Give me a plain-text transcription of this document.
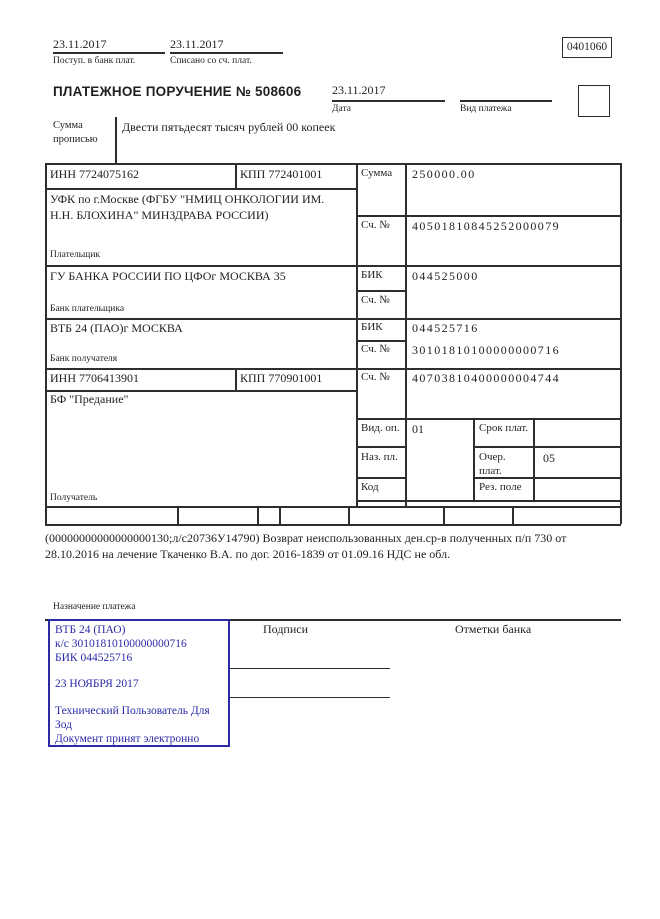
23.11.2017	23.11.2017
Поступ. в банк плат.	Списано со сч. плат.
0401060
ПЛАТЕЖНОЕ ПОРУЧЕНИЕ № 508606	23.11.2017
Дата	Вид платежа
Сумма
прописью
Двести пятьдесят тысяч рублей 00 копеек
ИНН 7724075162	КПП 772401001	Сумма 250000.00
УФК по г.Москве (ФГБУ "НМИЦ ОНКОЛОГИИ ИМ.
Н.Н. БЛОХИНА" МИНЗДРАВА РОССИИ)
Сч. № 40501810845252000079
Плательщик
ГУ БАНКА РОССИИ ПО ЦФОг МОСКВА 35	БИК 044525000
Сч. №
Банк плательщика
ВТБ 24 (ПАО)г МОСКВА	БИК 044525716
Сч. № 30101810100000000716
Банк получателя
ИНН 7706413901	КПП 770901001	Сч. № 40703810400000004744
БФ "Предание"
Получатель
Вид. оп. 01	Срок плат.
Наз. пл.	Очер. плат.
05
Код	Рез. поле
(00000000000000000130;л/с20736У14790) Возврат неиспользованных ден.ср-в полученных п/п 730 от
28.10.2016 на лечение Ткаченко В.А. по дог. 2016-1839 от 01.09.16 НДС не обл.
Назначение платежа
Подписи	Отметки банка
ВТБ 24 (ПАО)
к/с 30101810100000000716
БИК 044525716
23 НОЯБРЯ 2017
Технический Пользователь Для
Зод
Документ принят электронно
